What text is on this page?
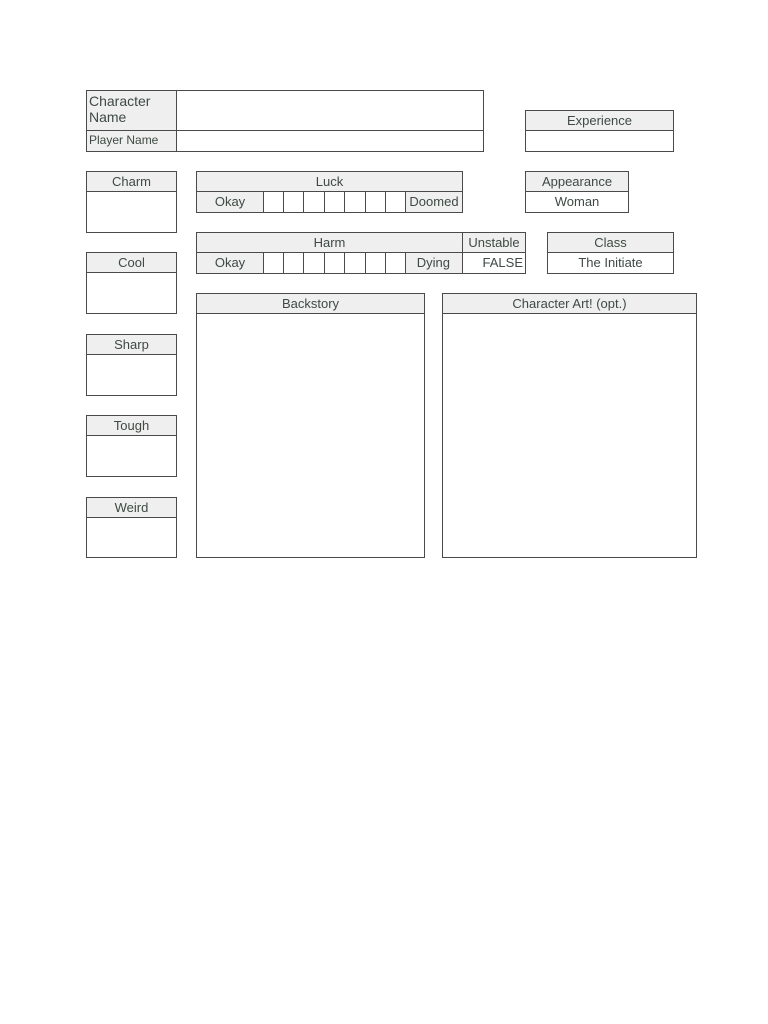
Character Name
Player Name
Experience
Charm
Cool
Sharp
Tough
Weird
Luck
Okay	Doomed
Appearance
Woman
Harm	Unstable
Okay	Dying	FALSE
Class
The Initiate
Backstory	Character Art! (opt.)
